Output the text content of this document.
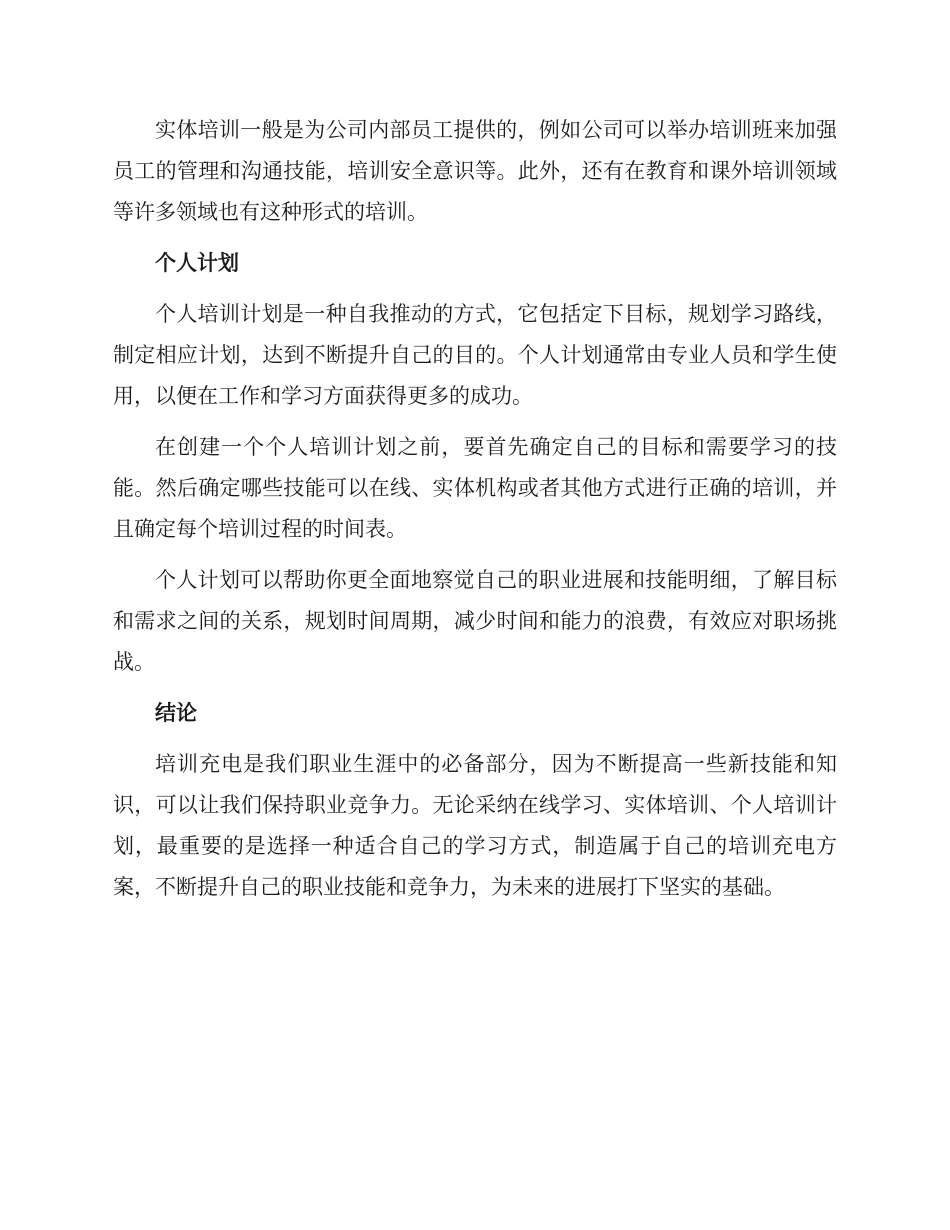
实体培训一般是为公司内部员工提供的，例如公司可以举办培训班来加强员工的管理和沟通技能，培训安全意识等。此外，还有在教育和课外培训领域等许多领域也有这种形式的培训。

个人计划

个人培训计划是一种自我推动的方式，它包括定下目标，规划学习路线，制定相应计划，达到不断提升自己的目的。个人计划通常由专业人员和学生使用，以便在工作和学习方面获得更多的成功。

在创建一个个人培训计划之前，要首先确定自己的目标和需要学习的技能。然后确定哪些技能可以在线、实体机构或者其他方式进行正确的培训，并且确定每个培训过程的时间表。

个人计划可以帮助你更全面地察觉自己的职业进展和技能明细，了解目标和需求之间的关系，规划时间周期，减少时间和能力的浪费，有效应对职场挑战。

结论

培训充电是我们职业生涯中的必备部分，因为不断提高一些新技能和知识，可以让我们保持职业竞争力。无论采纳在线学习、实体培训、个人培训计划，最重要的是选择一种适合自己的学习方式，制造属于自己的培训充电方案，不断提升自己的职业技能和竞争力，为未来的进展打下坚实的基础。
